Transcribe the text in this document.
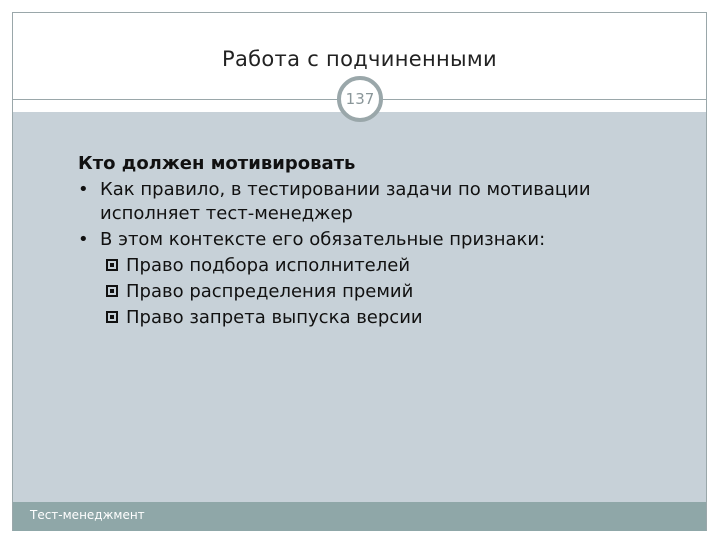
Работа с подчиненными
137
Кто должен мотивировать
• Как правило, в тестировании задачи по мотивации исполняет тест-менеджер
• В этом контексте его обязательные признаки:
Право подбора исполнителей
Право распределения премий
Право запрета выпуска версии
Тест-менеджмент
